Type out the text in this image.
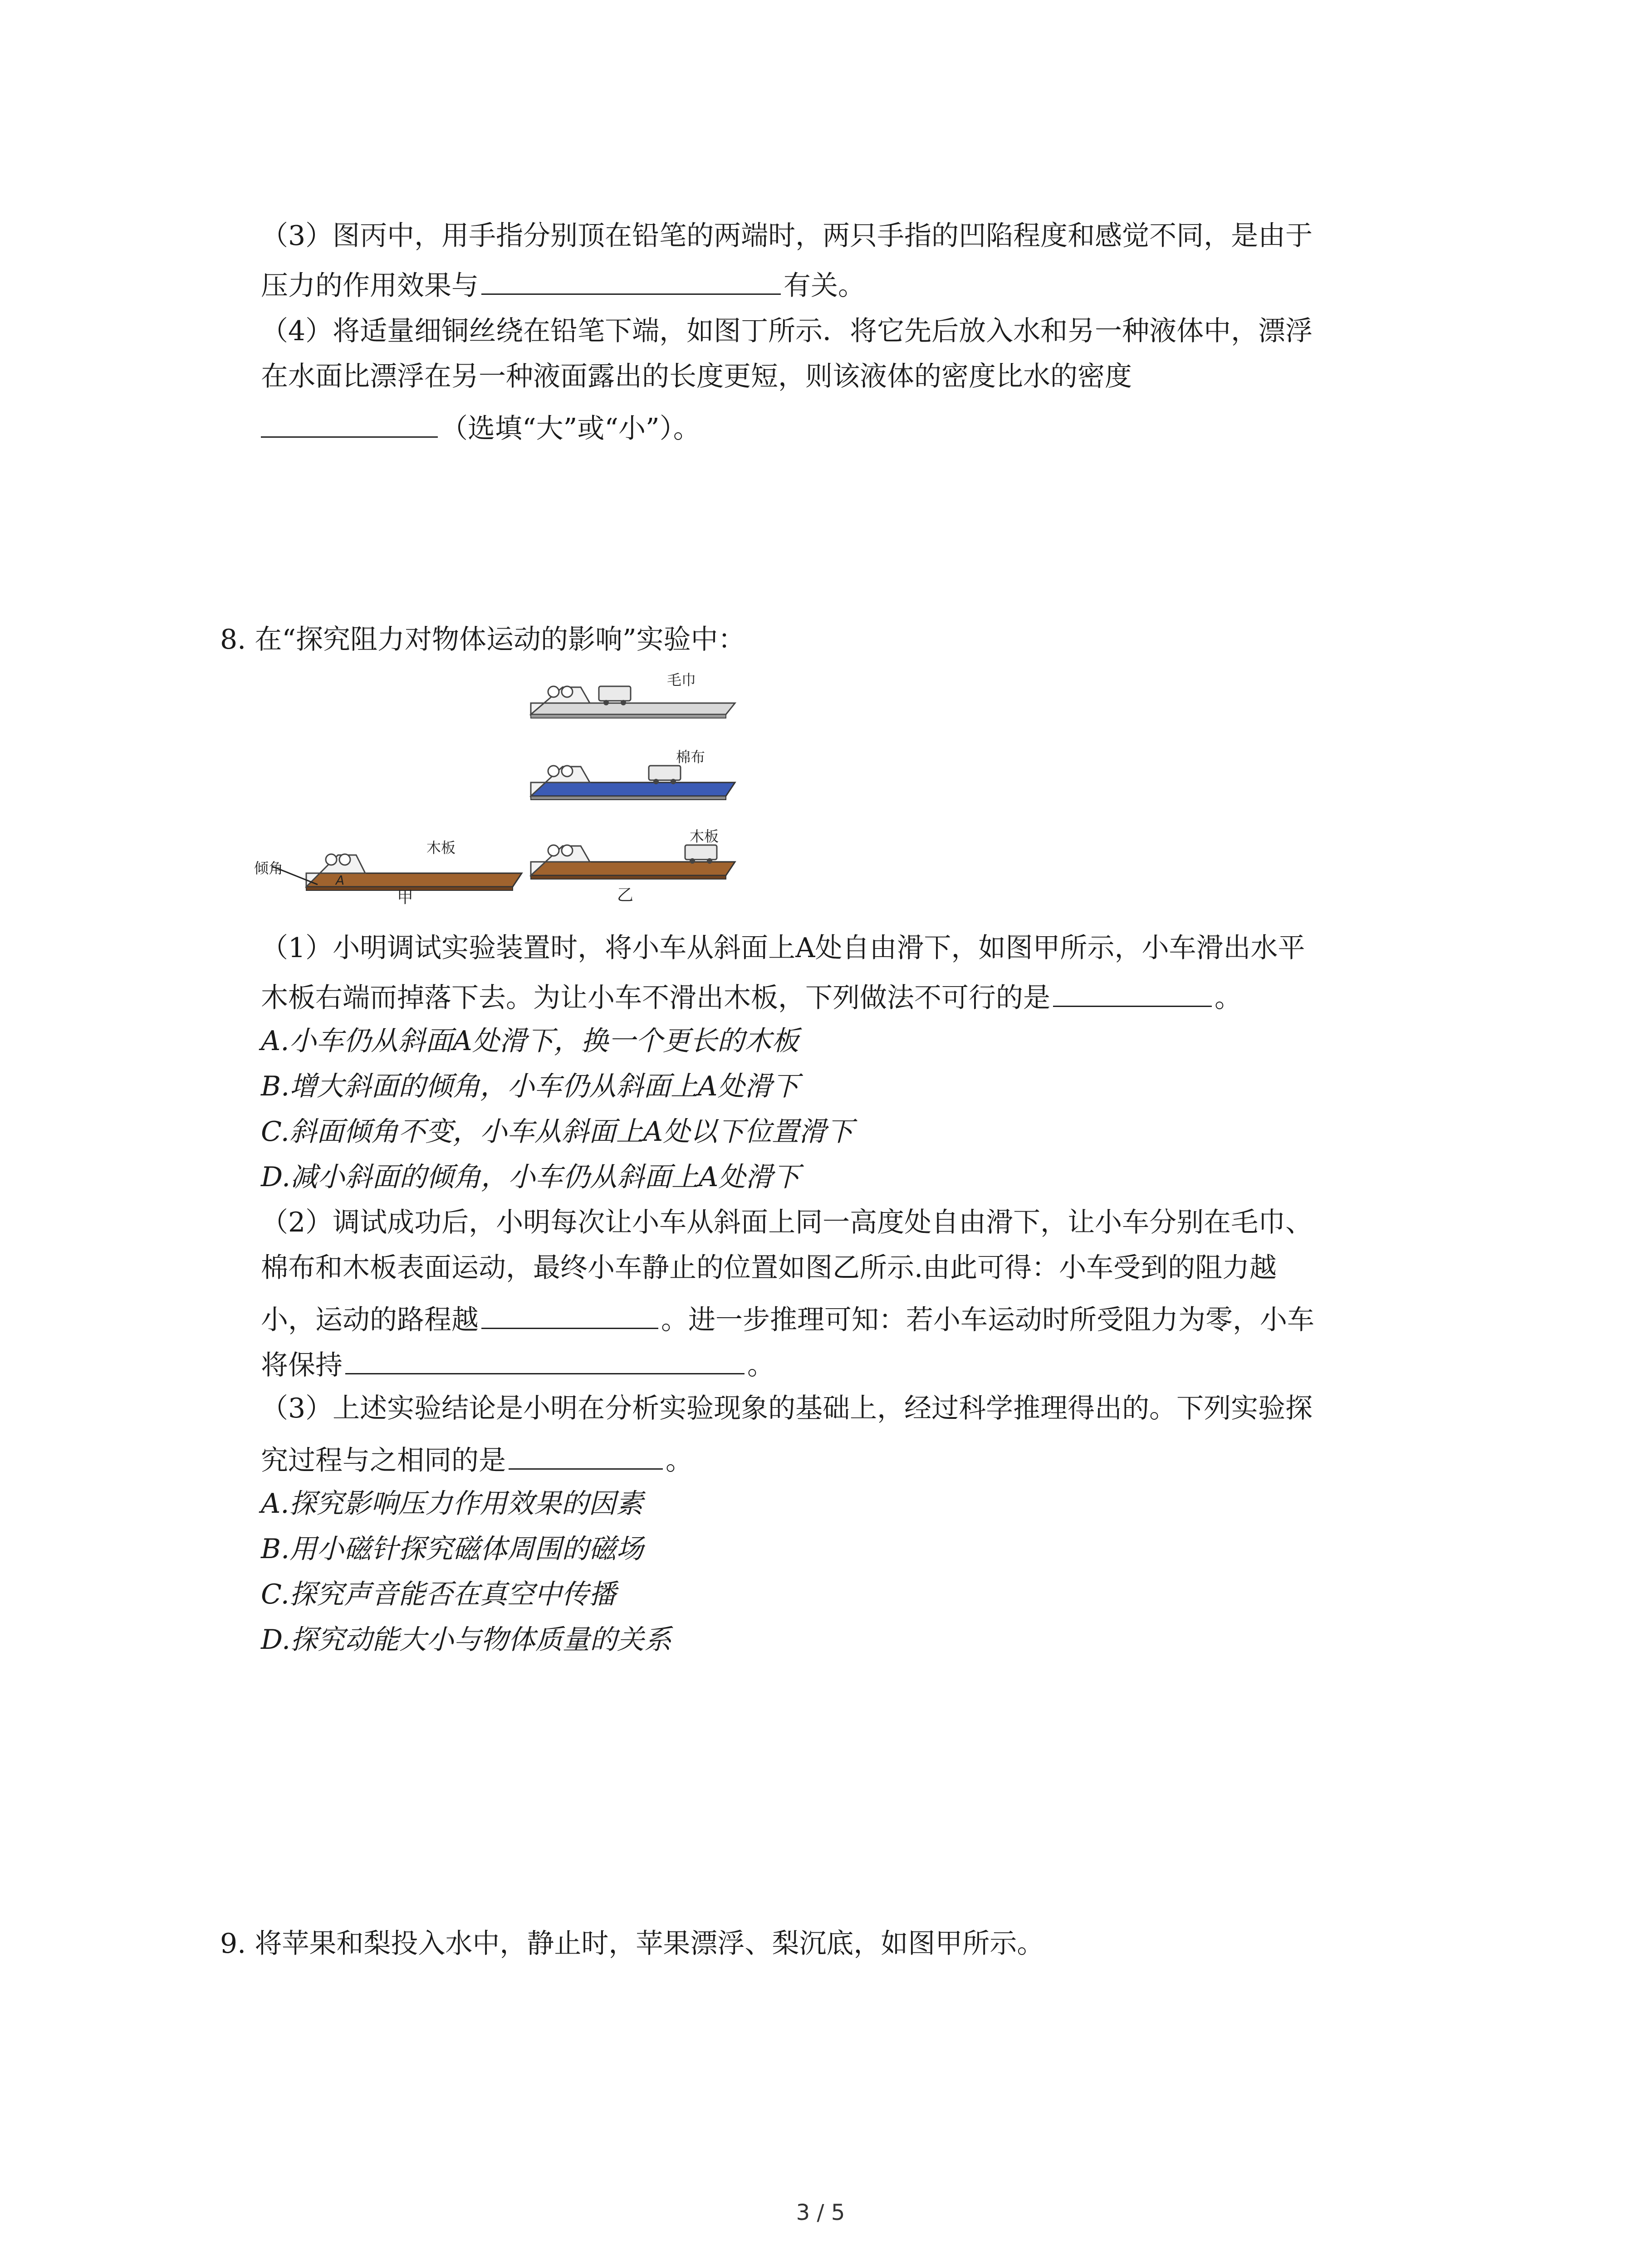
（3）图丙中，用手指分别顶在铅笔的两端时，两只手指的凹陷程度和感觉不同，是由于
压力的作用效果与	有关。
（4）将适量细铜丝绕在铅笔下端，如图丁所示．将它先后放入水和另一种液体中，漂浮
在水面比漂浮在另一种液面露出的长度更短，则该液体的密度比水的密度
（选填“大”或“小”）。
8. 在“探究阻力对物体运动的影响”实验中：
毛巾
棉布
木板
乙
倾角
A
木板
甲
（1）小明调试实验装置时，将小车从斜面上A处自由滑下，如图甲所示，小车滑出水平
木板右端而掉落下去。为让小车不滑出木板，下列做法不可行的是	。
A.小车仍从斜面A处滑下，换一个更长的木板
B.增大斜面的倾角，小车仍从斜面上A处滑下
C.斜面倾角不变，小车从斜面上A处以下位置滑下
D.减小斜面的倾角，小车仍从斜面上A处滑下
（2）调试成功后，小明每次让小车从斜面上同一高度处自由滑下，让小车分别在毛巾、
棉布和木板表面运动，最终小车静止的位置如图乙所示.由此可得：小车受到的阻力越
小，运动的路程越	。进一步推理可知：若小车运动时所受阻力为零，小车
将保持	。
（3）上述实验结论是小明在分析实验现象的基础上，经过科学推理得出的。下列实验探
究过程与之相同的是	。
A.探究影响压力作用效果的因素
B.用小磁针探究磁体周围的磁场
C.探究声音能否在真空中传播
D.探究动能大小与物体质量的关系
9. 将苹果和梨投入水中，静止时，苹果漂浮、梨沉底，如图甲所示。
3 / 5
